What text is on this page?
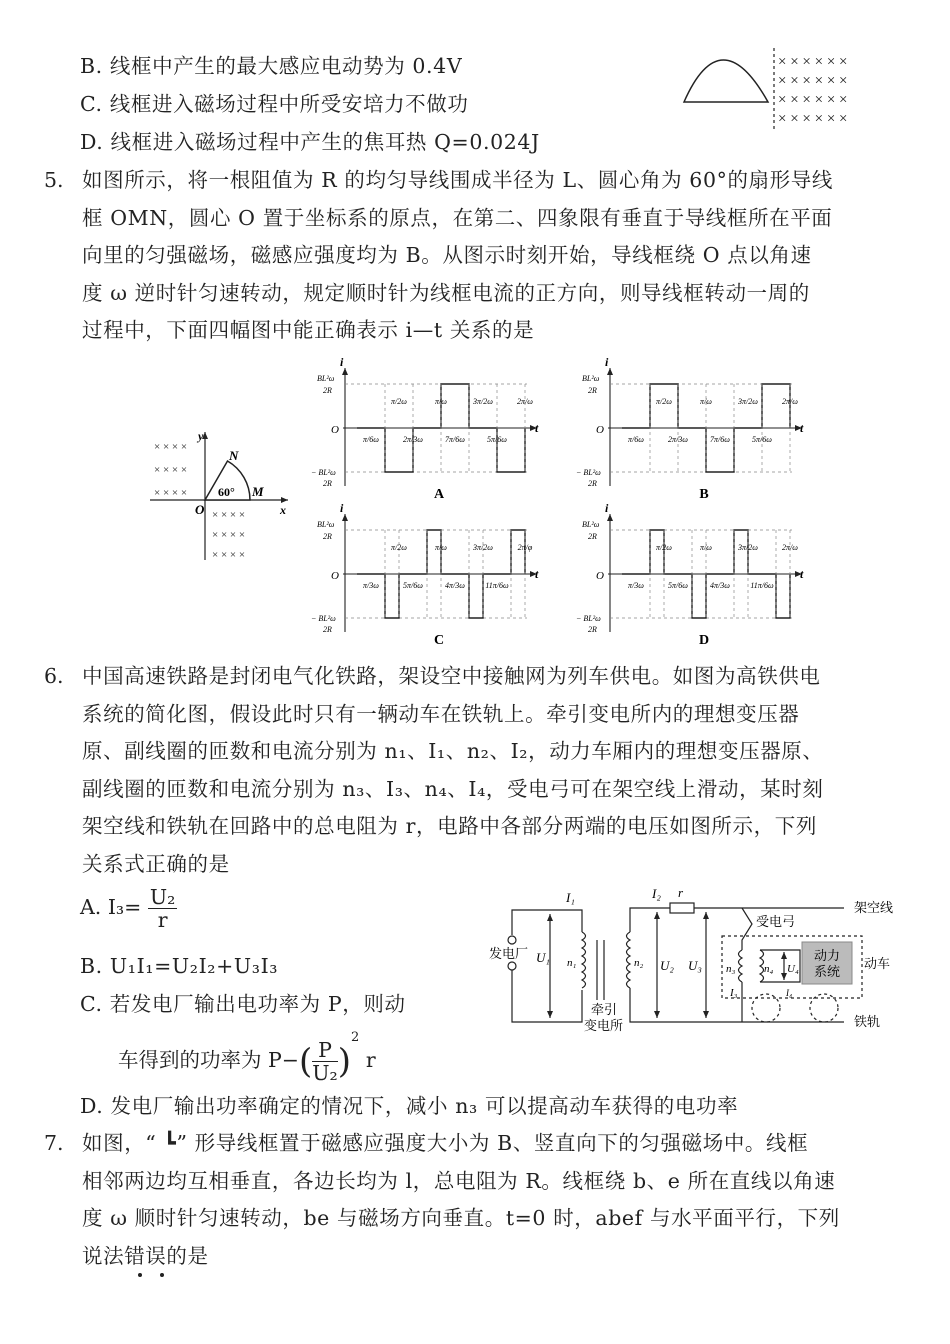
B. 线框中产生的最大感应电动势为 0.4V
C. 线框进入磁场过程中所受安培力不做功
D. 线框进入磁场过程中产生的焦耳热 Q=0.024J
× × × × × ×
× × × × × ×
× × × × × ×
× × × × × ×
5. 如图所示，将一根阻值为 R 的均匀导线围成半径为 L、圆心角为 60°的扇形导线
框 OMN，圆心 O 置于坐标系的原点，在第二、四象限有垂直于导线框所在平面
向里的匀强磁场，磁感应强度均为 B。从图示时刻开始，导线框绕 O 点以角速
度 ω 逆时针匀速转动，规定顺时针为线框电流的正方向，则导线框转动一周的
过程中，下面四幅图中能正确表示 i—t 关系的是
x
y
O
× × × ×
× × × ×
× × × ×
× × × ×
× × × ×
× × × ×
N
M
60°
i
t
O
BL²ω
2R
− BL²ω
2R
π/6ω
π/2ω
2π/3ω
π/ω
7π/6ω
3π/2ω
5π/6ω
2π/ω
A
i
t
O
BL²ω
2R
− BL²ω
2R
π/6ω
π/2ω
2π/3ω
π/ω
7π/6ω
3π/2ω
5π/6ω
2π/ω
B
i
t
O
BL²ω
2R
− BL²ω
2R
π/3ω
π/2ω
5π/6ω
π/ω
4π/3ω
3π/2ω
11π/6ω
2π/φ
C
i
t
O
BL²ω
2R
− BL²ω
2R
π/3ω
π/2ω
5π/6ω
π/ω
4π/3ω
3π/2ω
11π/6ω
2π/ω
D
6. 中国高速铁路是封闭电气化铁路，架设空中接触网为列车供电。如图为高铁供电
系统的简化图，假设此时只有一辆动车在铁轨上。牵引变电所内的理想变压器
原、副线圈的匝数和电流分别为 n₁、I₁、n₂、I₂，动力车厢内的理想变压器原、
副线圈的匝数和电流分别为 n₃、I₃、n₄、I₄，受电弓可在架空线上滑动，某时刻
架空线和铁轨在回路中的总电阻为 r，电路中各部分两端的电压如图所示，下列
关系式正确的是
A. $I_3= \frac{\text{U₂}}{r}$
B. U₁I₁=U₂I₂+U₃I₃
C. 若发电厂输出电功率为 P，则动
车得到的功率为 $P-( \frac{P}{\text{U₂}} )^2$ r
D. 发电厂输出功率确定的情况下，减小 n₃ 可以提高动车获得的电功率
发电厂 U₁
I₁
n₁
牵引
变电所
n₂ U₂
I₂ r
U₃
受电弓
n₃	n₄ U₄
I₃	I₄
动力
系统
架空线
动车
铁轨
7. 如图，“ ┗” 形导线框置于磁感应强度大小为 B、竖直向下的匀强磁场中。线框
相邻两边均互相垂直，各边长均为 l，总电阻为 R。线框绕 b、e 所在直线以角速
度 ω 顺时针匀速转动，be 与磁场方向垂直。t=0 时，abef 与水平面平行，下列
说法错误的是
